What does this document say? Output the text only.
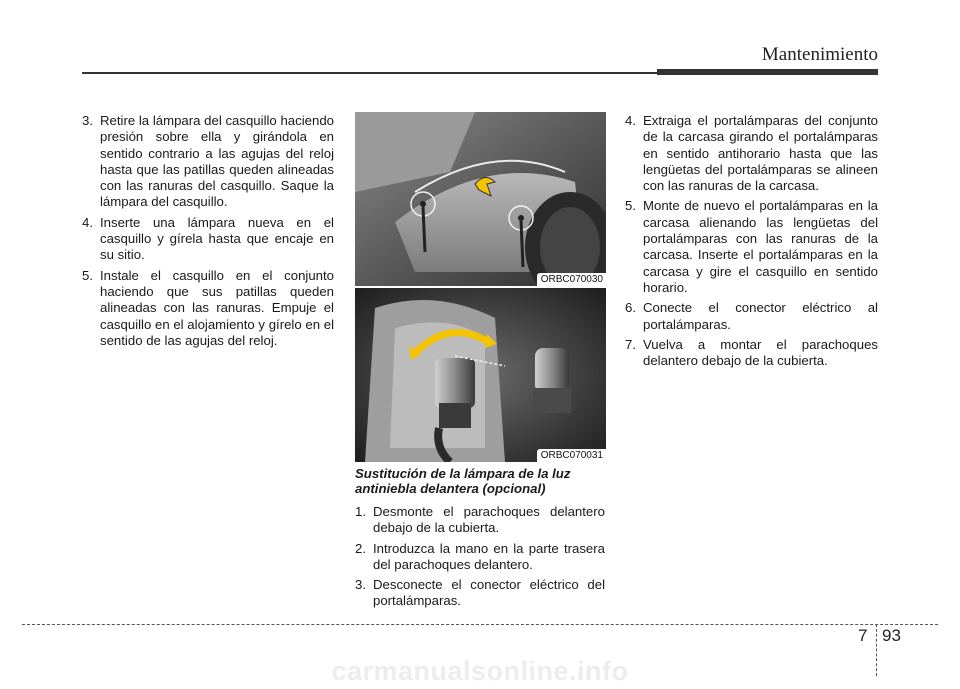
Mantenimiento
3. Retire la lámpara del casquillo haciendo presión sobre ella y girándola en sentido contrario a las agujas del reloj hasta que las patillas queden alineadas con las ranuras del casquillo. Saque la lámpara del casquillo.
4. Inserte una lámpara nueva en el casquillo y gírela hasta que encaje en su sitio.
5. Instale el casquillo en el conjunto haciendo que sus patillas queden alineadas con las ranuras. Empuje el casquillo en el alojamiento y gírelo en el sentido de las agujas del reloj.
ORBC070030
ORBC070031
Sustitución de la lámpara de la luz antiniebla delantera (opcional)
1. Desmonte el parachoques delantero debajo de la cubierta.
2. Introduzca la mano en la parte trasera del parachoques delantero.
3. Desconecte el conector eléctrico del portalámparas.
4. Extraiga el portalámparas del conjunto de la carcasa girando el portalámparas en sentido antihorario hasta que las lengüetas del portalámparas se alineen con las ranuras de la carcasa.
5. Monte de nuevo el portalámparas en la carcasa alienando las lengüetas del portalámparas con las ranuras de la carcasa. Inserte el portalámparas en la carcasa y gire el casquillo en sentido horario.
6. Conecte el conector eléctrico al portalámparas.
7. Vuelva a montar el parachoques delantero debajo de la cubierta.
7 93
carmanualsonline.info
